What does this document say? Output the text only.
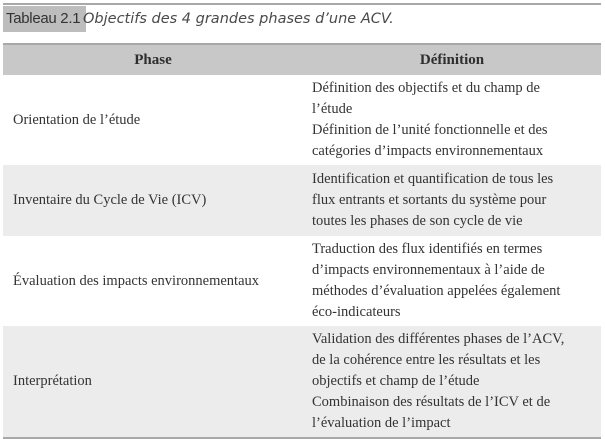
Tableau 2.1 Objectifs des 4 grandes phases d’une ACV.
Phase	Définition
Orientation de l’étude	Définition des objectifs et du champ de
l’étude
Définition de l’unité fonctionnelle et des
catégories d’impacts environnementaux

Inventaire du Cycle de Vie (ICV)	Identification et quantification de tous les
flux entrants et sortants du système pour
toutes les phases de son cycle de vie

Évaluation des impacts environnementaux	Traduction des flux identifiés en termes
d’impacts environnementaux à l’aide de
méthodes d’évaluation appelées également
éco-indicateurs

Interprétation	Validation des différentes phases de l’ACV,
de la cohérence entre les résultats et les
objectifs et champ de l’étude
Combinaison des résultats de l’ICV et de
l’évaluation de l’impact
